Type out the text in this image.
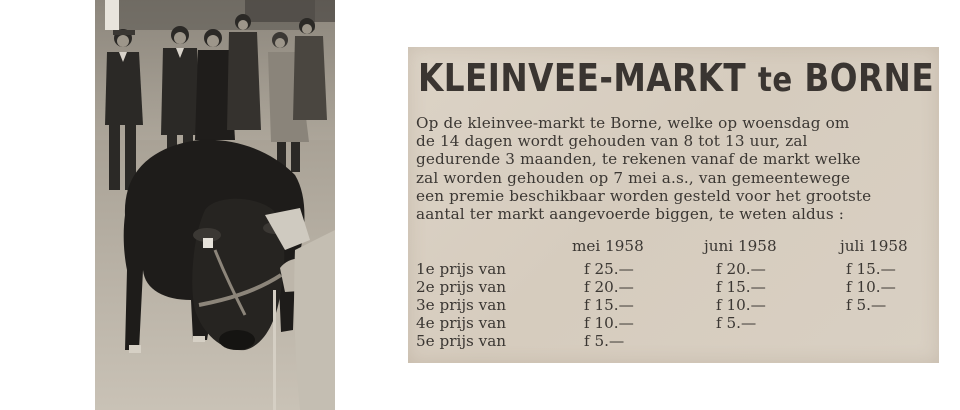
KLEINVEE-MARKT te BORNE
Op de kleinvee-markt te Borne, welke op woensdag om
de 14 dagen wordt gehouden van 8 tot 13 uur, zal
gedurende 3 maanden, te rekenen vanaf de markt welke
zal worden gehouden op 7 mei a.s., van gemeentewege
een premie beschikbaar worden gesteld voor het grootste
aantal ter markt aangevoerde biggen, te weten aldus :
mei 1958	juni 1958	juli 1958
1e prijs van	f 25.—	f 20.—	f 15.—
2e prijs van	f 20.—	f 15.—	f 10.—
3e prijs van	f 15.—	f 10.—	f 5.—
4e prijs van	f 10.—	f 5.—
5e prijs van	f 5.—
